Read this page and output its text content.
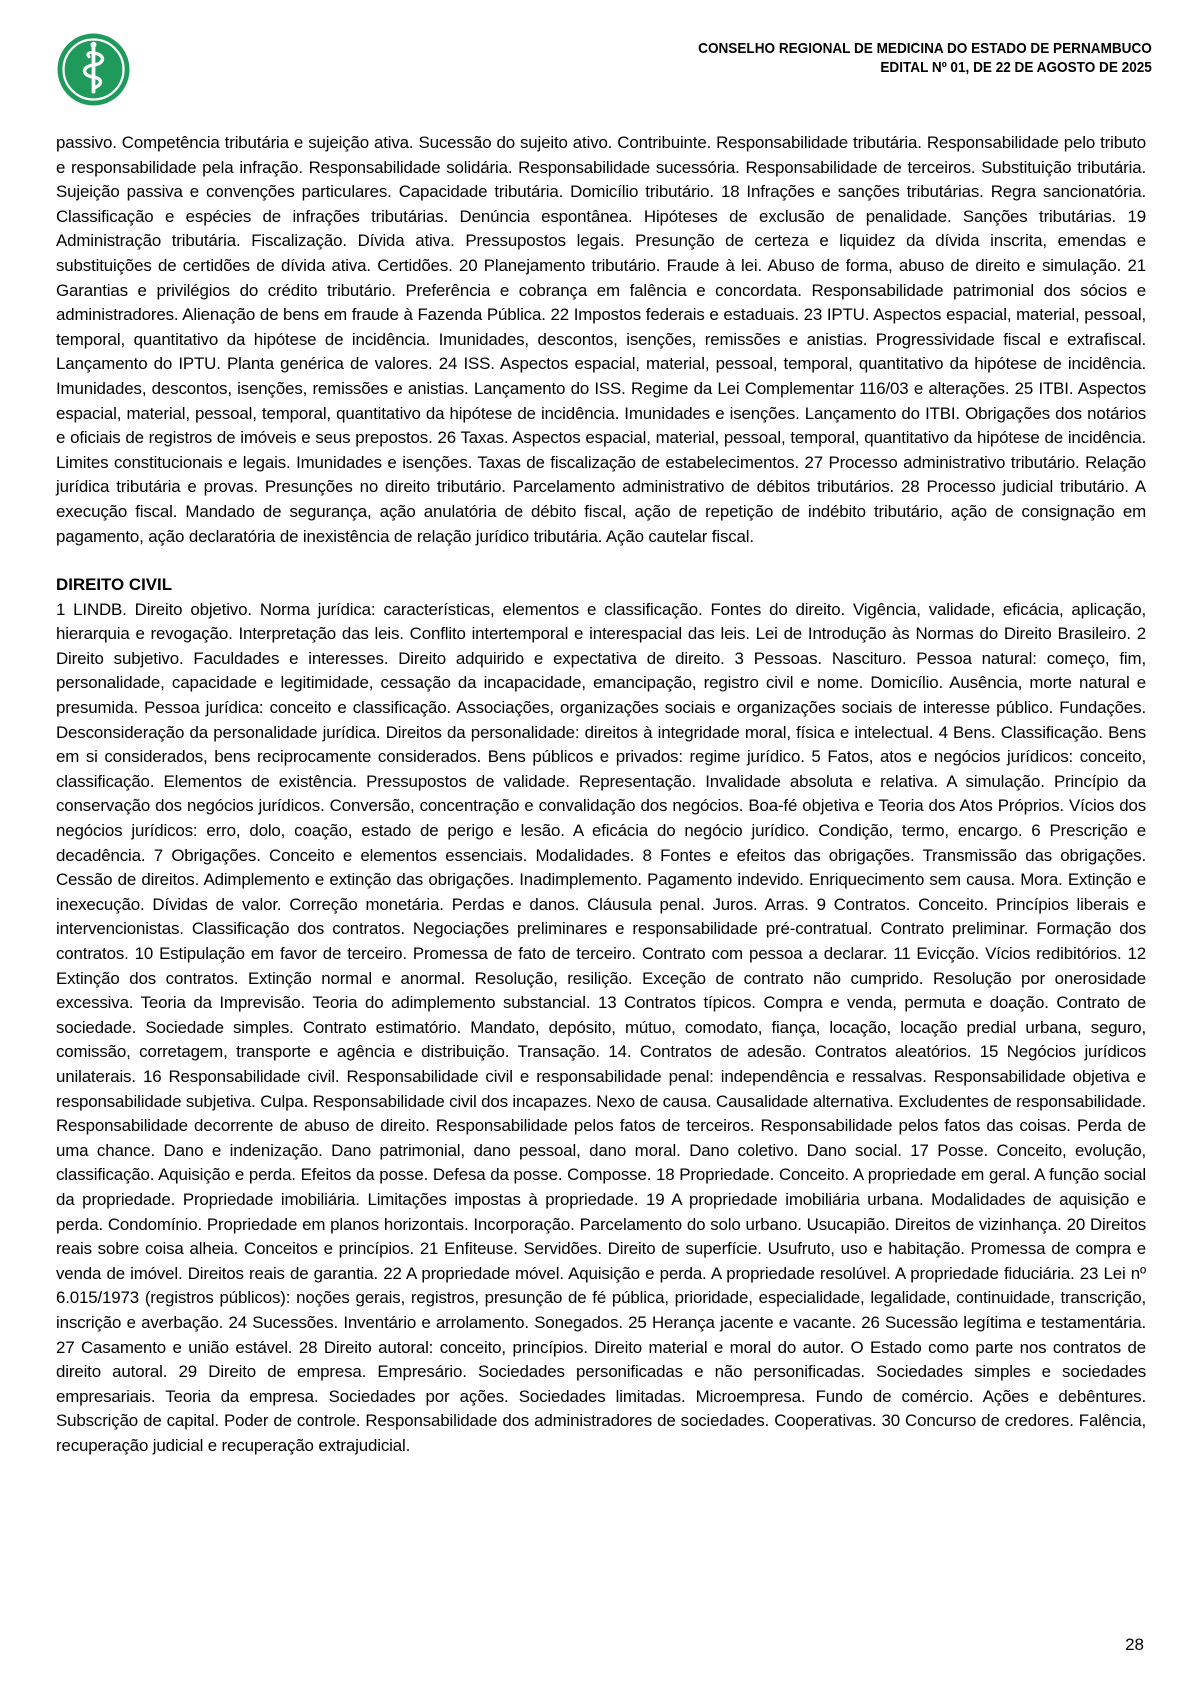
CONSELHO REGIONAL DE MEDICINA DO ESTADO DE PERNAMBUCO
EDITAL Nº 01, DE 22 DE AGOSTO DE 2025

passivo. Competência tributária e sujeição ativa. Sucessão do sujeito ativo. Contribuinte. Responsabilidade tributária. Responsabilidade pelo tributo e responsabilidade pela infração. Responsabilidade solidária. Responsabilidade sucessória. Responsabilidade de terceiros. Substituição tributária. Sujeição passiva e convenções particulares. Capacidade tributária. Domicílio tributário. 18 Infrações e sanções tributárias. Regra sancionatória. Classificação e espécies de infrações tributárias. Denúncia espontânea. Hipóteses de exclusão de penalidade. Sanções tributárias. 19 Administração tributária. Fiscalização. Dívida ativa. Pressupostos legais. Presunção de certeza e liquidez da dívida inscrita, emendas e substituições de certidões de dívida ativa. Certidões. 20 Planejamento tributário. Fraude à lei. Abuso de forma, abuso de direito e simulação. 21 Garantias e privilégios do crédito tributário. Preferência e cobrança em falência e concordata. Responsabilidade patrimonial dos sócios e administradores. Alienação de bens em fraude à Fazenda Pública. 22 Impostos federais e estaduais. 23 IPTU. Aspectos espacial, material, pessoal, temporal, quantitativo da hipótese de incidência. Imunidades, descontos, isenções, remissões e anistias. Progressividade fiscal e extrafiscal. Lançamento do IPTU. Planta genérica de valores. 24 ISS. Aspectos espacial, material, pessoal, temporal, quantitativo da hipótese de incidência. Imunidades, descontos, isenções, remissões e anistias. Lançamento do ISS. Regime da Lei Complementar 116/03 e alterações. 25 ITBI. Aspectos espacial, material, pessoal, temporal, quantitativo da hipótese de incidência. Imunidades e isenções. Lançamento do ITBI. Obrigações dos notários e oficiais de registros de imóveis e seus prepostos. 26 Taxas. Aspectos espacial, material, pessoal, temporal, quantitativo da hipótese de incidência. Limites constitucionais e legais. Imunidades e isenções. Taxas de fiscalização de estabelecimentos. 27 Processo administrativo tributário. Relação jurídica tributária e provas. Presunções no direito tributário. Parcelamento administrativo de débitos tributários. 28 Processo judicial tributário. A execução fiscal. Mandado de segurança, ação anulatória de débito fiscal, ação de repetição de indébito tributário, ação de consignação em pagamento, ação declaratória de inexistência de relação jurídico tributária. Ação cautelar fiscal.

DIREITO CIVIL

1 LINDB. Direito objetivo. Norma jurídica: características, elementos e classificação. Fontes do direito. Vigência, validade, eficácia, aplicação, hierarquia e revogação. Interpretação das leis. Conflito intertemporal e interespacial das leis. Lei de Introdução às Normas do Direito Brasileiro. 2 Direito subjetivo. Faculdades e interesses. Direito adquirido e expectativa de direito. 3 Pessoas. Nascituro. Pessoa natural: começo, fim, personalidade, capacidade e legitimidade, cessação da incapacidade, emancipação, registro civil e nome. Domicílio. Ausência, morte natural e presumida. Pessoa jurídica: conceito e classificação. Associações, organizações sociais e organizações sociais de interesse público. Fundações. Desconsideração da personalidade jurídica. Direitos da personalidade: direitos à integridade moral, física e intelectual. 4 Bens. Classificação. Bens em si considerados, bens reciprocamente considerados. Bens públicos e privados: regime jurídico. 5 Fatos, atos e negócios jurídicos: conceito, classificação. Elementos de existência. Pressupostos de validade. Representação. Invalidade absoluta e relativa. A simulação. Princípio da conservação dos negócios jurídicos. Conversão, concentração e convalidação dos negócios. Boa-fé objetiva e Teoria dos Atos Próprios. Vícios dos negócios jurídicos: erro, dolo, coação, estado de perigo e lesão. A eficácia do negócio jurídico. Condição, termo, encargo. 6 Prescrição e decadência. 7 Obrigações. Conceito e elementos essenciais. Modalidades. 8 Fontes e efeitos das obrigações. Transmissão das obrigações. Cessão de direitos. Adimplemento e extinção das obrigações. Inadimplemento. Pagamento indevido. Enriquecimento sem causa. Mora. Extinção e inexecução. Dívidas de valor. Correção monetária. Perdas e danos. Cláusula penal. Juros. Arras. 9 Contratos. Conceito. Princípios liberais e intervencionistas. Classificação dos contratos. Negociações preliminares e responsabilidade pré-contratual. Contrato preliminar. Formação dos contratos. 10 Estipulação em favor de terceiro. Promessa de fato de terceiro. Contrato com pessoa a declarar. 11 Evicção. Vícios redibitórios. 12 Extinção dos contratos. Extinção normal e anormal. Resolução, resilição. Exceção de contrato não cumprido. Resolução por onerosidade excessiva. Teoria da Imprevisão. Teoria do adimplemento substancial. 13 Contratos típicos. Compra e venda, permuta e doação. Contrato de sociedade. Sociedade simples. Contrato estimatório. Mandato, depósito, mútuo, comodato, fiança, locação, locação predial urbana, seguro, comissão, corretagem, transporte e agência e distribuição. Transação. 14. Contratos de adesão. Contratos aleatórios. 15 Negócios jurídicos unilaterais. 16 Responsabilidade civil. Responsabilidade civil e responsabilidade penal: independência e ressalvas. Responsabilidade objetiva e responsabilidade subjetiva. Culpa. Responsabilidade civil dos incapazes. Nexo de causa. Causalidade alternativa. Excludentes de responsabilidade. Responsabilidade decorrente de abuso de direito. Responsabilidade pelos fatos de terceiros. Responsabilidade pelos fatos das coisas. Perda de uma chance. Dano e indenização. Dano patrimonial, dano pessoal, dano moral. Dano coletivo. Dano social. 17 Posse. Conceito, evolução, classificação. Aquisição e perda. Efeitos da posse. Defesa da posse. Composse. 18 Propriedade. Conceito. A propriedade em geral. A função social da propriedade. Propriedade imobiliária. Limitações impostas à propriedade. 19 A propriedade imobiliária urbana. Modalidades de aquisição e perda. Condomínio. Propriedade em planos horizontais. Incorporação. Parcelamento do solo urbano. Usucapião. Direitos de vizinhança. 20 Direitos reais sobre coisa alheia. Conceitos e princípios. 21 Enfiteuse. Servidões. Direito de superfície. Usufruto, uso e habitação. Promessa de compra e venda de imóvel. Direitos reais de garantia. 22 A propriedade móvel. Aquisição e perda. A propriedade resolúvel. A propriedade fiduciária. 23 Lei nº 6.015/1973 (registros públicos): noções gerais, registros, presunção de fé pública, prioridade, especialidade, legalidade, continuidade, transcrição, inscrição e averbação. 24 Sucessões. Inventário e arrolamento. Sonegados. 25 Herança jacente e vacante. 26 Sucessão legítima e testamentária. 27 Casamento e união estável. 28 Direito autoral: conceito, princípios. Direito material e moral do autor. O Estado como parte nos contratos de direito autoral. 29 Direito de empresa. Empresário. Sociedades personificadas e não personificadas. Sociedades simples e sociedades empresariais. Teoria da empresa. Sociedades por ações. Sociedades limitadas. Microempresa. Fundo de comércio. Ações e debêntures. Subscrição de capital. Poder de controle. Responsabilidade dos administradores de sociedades. Cooperativas. 30 Concurso de credores. Falência, recuperação judicial e recuperação extrajudicial.

28
